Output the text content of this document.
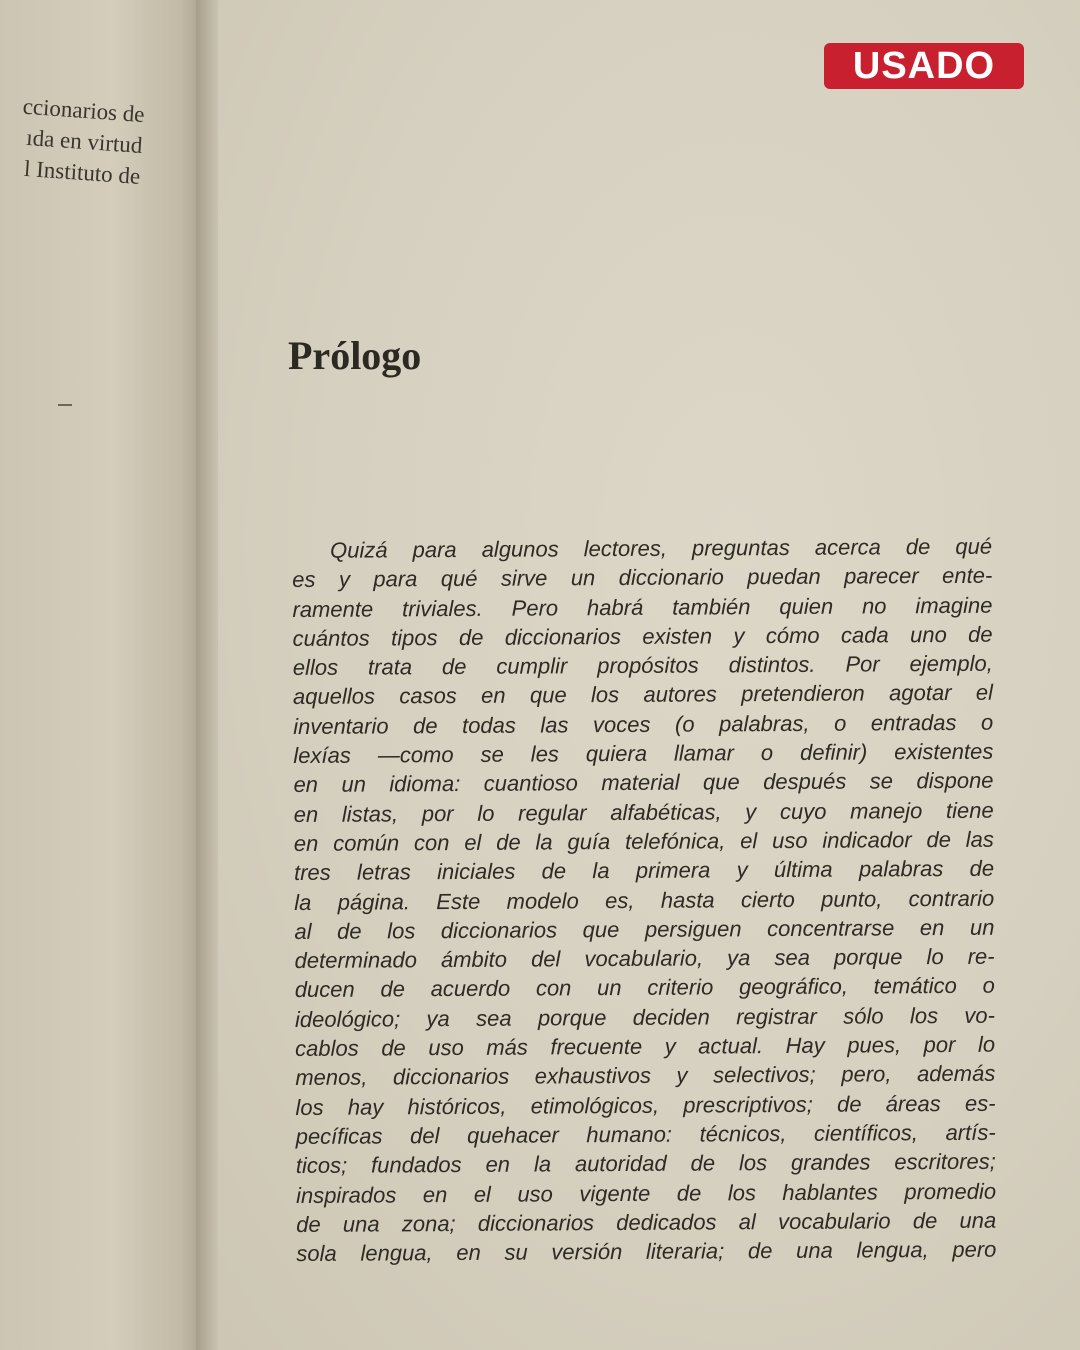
ccionarios de
ıda en virtud
l Instituto de
Prólogo
Quizá para algunos lectores, preguntas acerca de qué
es y para qué sirve un diccionario puedan parecer ente-
ramente triviales. Pero habrá también quien no imagine
cuántos tipos de diccionarios existen y cómo cada uno de
ellos trata de cumplir propósitos distintos. Por ejemplo,
aquellos casos en que los autores pretendieron agotar el
inventario de todas las voces (o palabras, o entradas o
lexías —como se les quiera llamar o definir) existentes
en un idioma: cuantioso material que después se dispone
en listas, por lo regular alfabéticas, y cuyo manejo tiene
en común con el de la guía telefónica, el uso indicador de las
tres letras iniciales de la primera y última palabras de
la página. Este modelo es, hasta cierto punto, contrario
al de los diccionarios que persiguen concentrarse en un
determinado ámbito del vocabulario, ya sea porque lo re-
ducen de acuerdo con un criterio geográfico, temático o
ideológico; ya sea porque deciden registrar sólo los vo-
cablos de uso más frecuente y actual. Hay pues, por lo
menos, diccionarios exhaustivos y selectivos; pero, además
los hay históricos, etimológicos, prescriptivos; de áreas es-
pecíficas del quehacer humano: técnicos, científicos, artís-
ticos; fundados en la autoridad de los grandes escritores;
inspirados en el uso vigente de los hablantes promedio
de una zona; diccionarios dedicados al vocabulario de una
sola lengua, en su versión literaria; de una lengua, pero
USADO
